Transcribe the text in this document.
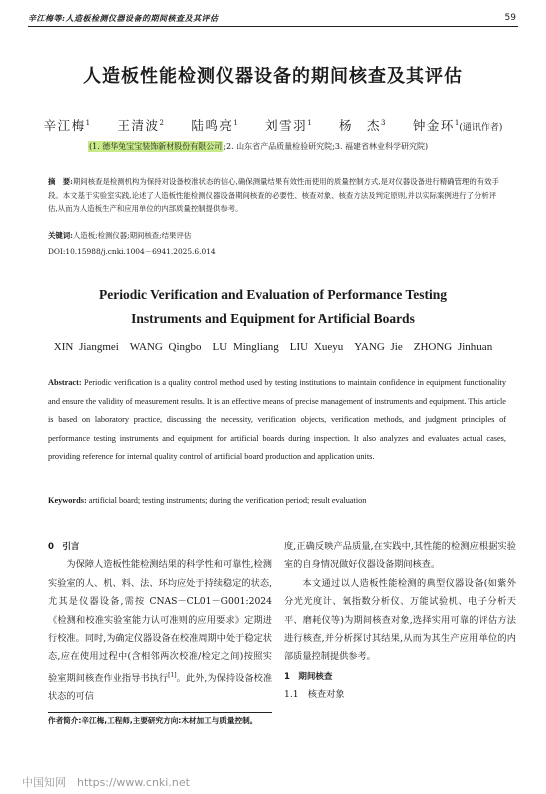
辛江梅等:人造板检测仪器设备的期间核查及其评估	59
人造板性能检测仪器设备的期间核查及其评估
辛江梅$^1$ 王清波$^2$ 陆鸣亮$^1$ 刘雪羽$^1$ 杨　杰$^3$ 钟金环$^1$(通讯作者)
(1. 德华兔宝宝装饰新材股份有限公司;2. 山东省产品质量检验研究院;3. 福建省林业科学研究院)
摘　要:期间核查是检测机构为保持对设备校准状态的信心,确保测量结果有效性而使用的质量控制方式,是对仪器设备进行精确管理的有效手段。本文基于实验室实践,论述了人造板性能检测仪器设备期间核查的必要性、核查对象、核查方法及判定原则,并以实际案例进行了分析评估,从而为人造板生产和应用单位的内部质量控制提供参考。
关键词:人造板;检测仪器;期间核查;结果评估
DOI:10.15988/j.cnki.1004－6941.2025.6.014
Periodic Verification and Evaluation of Performance Testing
Instruments and Equipment for Artificial Boards
XIN Jiangmei　WANG Qingbo　LU Mingliang　LIU Xueyu　YANG Jie　ZHONG Jinhuan
Abstract: Periodic verification is a quality control method used by testing institutions to maintain confidence in equipment functionality and ensure the validity of measurement results. It is an effective means of precise management of instruments and equipment. This article is based on laboratory practice, discussing the necessity, verification objects, verification methods, and judgment principles of performance testing instruments and equipment for artificial boards during inspection. It also analyzes and evaluates actual cases, providing reference for internal quality control of artificial board production and application units.
Keywords: artificial board; testing instruments; during the verification period; result evaluation
0　引言

为保障人造板性能检测结果的科学性和可靠性,检测实验室的人、机、料、法、环均应处于持续稳定的状态,尤其是仪器设备,需按 CNAS－CL01－G001:2024《检测和校准实验室能力认可准则的应用要求》定期进行校准。同时,为确定仪器设备在校准周期中处于稳定状态,应在使用过程中(含相邻两次校准/检定之间)按照实验室期间核查作业指导书执行[1]。此外,为保持设备校准状态的可信

度,正确反映产品质量,在实践中,其性能的检测应根据实验室的自身情况做好仪器设备期间核查。

本文通过以人造板性能检测的典型仪器设备(如紫外分光光度计、氧指数分析仪、万能试验机、电子分析天平、磨耗仪等)为期间核查对象,选择实用可靠的评估方法进行核查,并分析探讨其结果,从而为其生产应用单位的内部质量控制提供参考。

1　期间核查
1.1　核查对象
作者简介:辛江梅,工程师,主要研究方向:木材加工与质量控制。
中国知网　https://www.cnki.net
